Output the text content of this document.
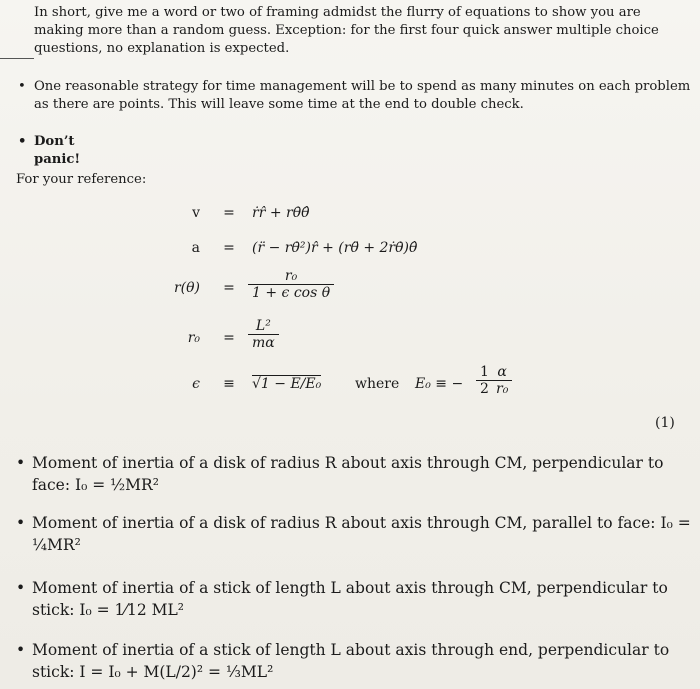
In short, give me a word or two of framing admidst the flurry of equations to show you are making more than a random guess. Exception: for the first four quick answer multiple choice questions, no explanation is expected.
• One reasonable strategy for time management will be to spend as many minutes on each problem as there are points. This will leave some time at the end to double check.
• Don’t panic!
For your reference:
v = ṙr̂ + rθ̇θ̂
a = (r̈ − rθ̇²)r̂ + (rθ̈ + 2ṙθ̇)θ̂
$r(\theta) = \frac{\text{r₀}}{\text{1 + ϵ cos θ}}$
$r_0 = \frac{\text{L²}}{m\alpha}$
ϵ ≡ √1 − E/E₀ where E₀ ≡ − $\frac{1}{2} \frac{\alpha}{\text{r₀}}$
(1)
• Moment of inertia of a disk of radius R about axis through CM, perpendicular to face: I₀ = ½MR²
• Moment of inertia of a disk of radius R about axis through CM, parallel to face: I₀ = ¼MR²
• Moment of inertia of a stick of length L about axis through CM, perpendicular to stick: I₀ = 1⁄12 ML²
• Moment of inertia of a stick of length L about axis through end, perpendicular to stick: I = I₀ + M(L/2)² = ⅓ML²
